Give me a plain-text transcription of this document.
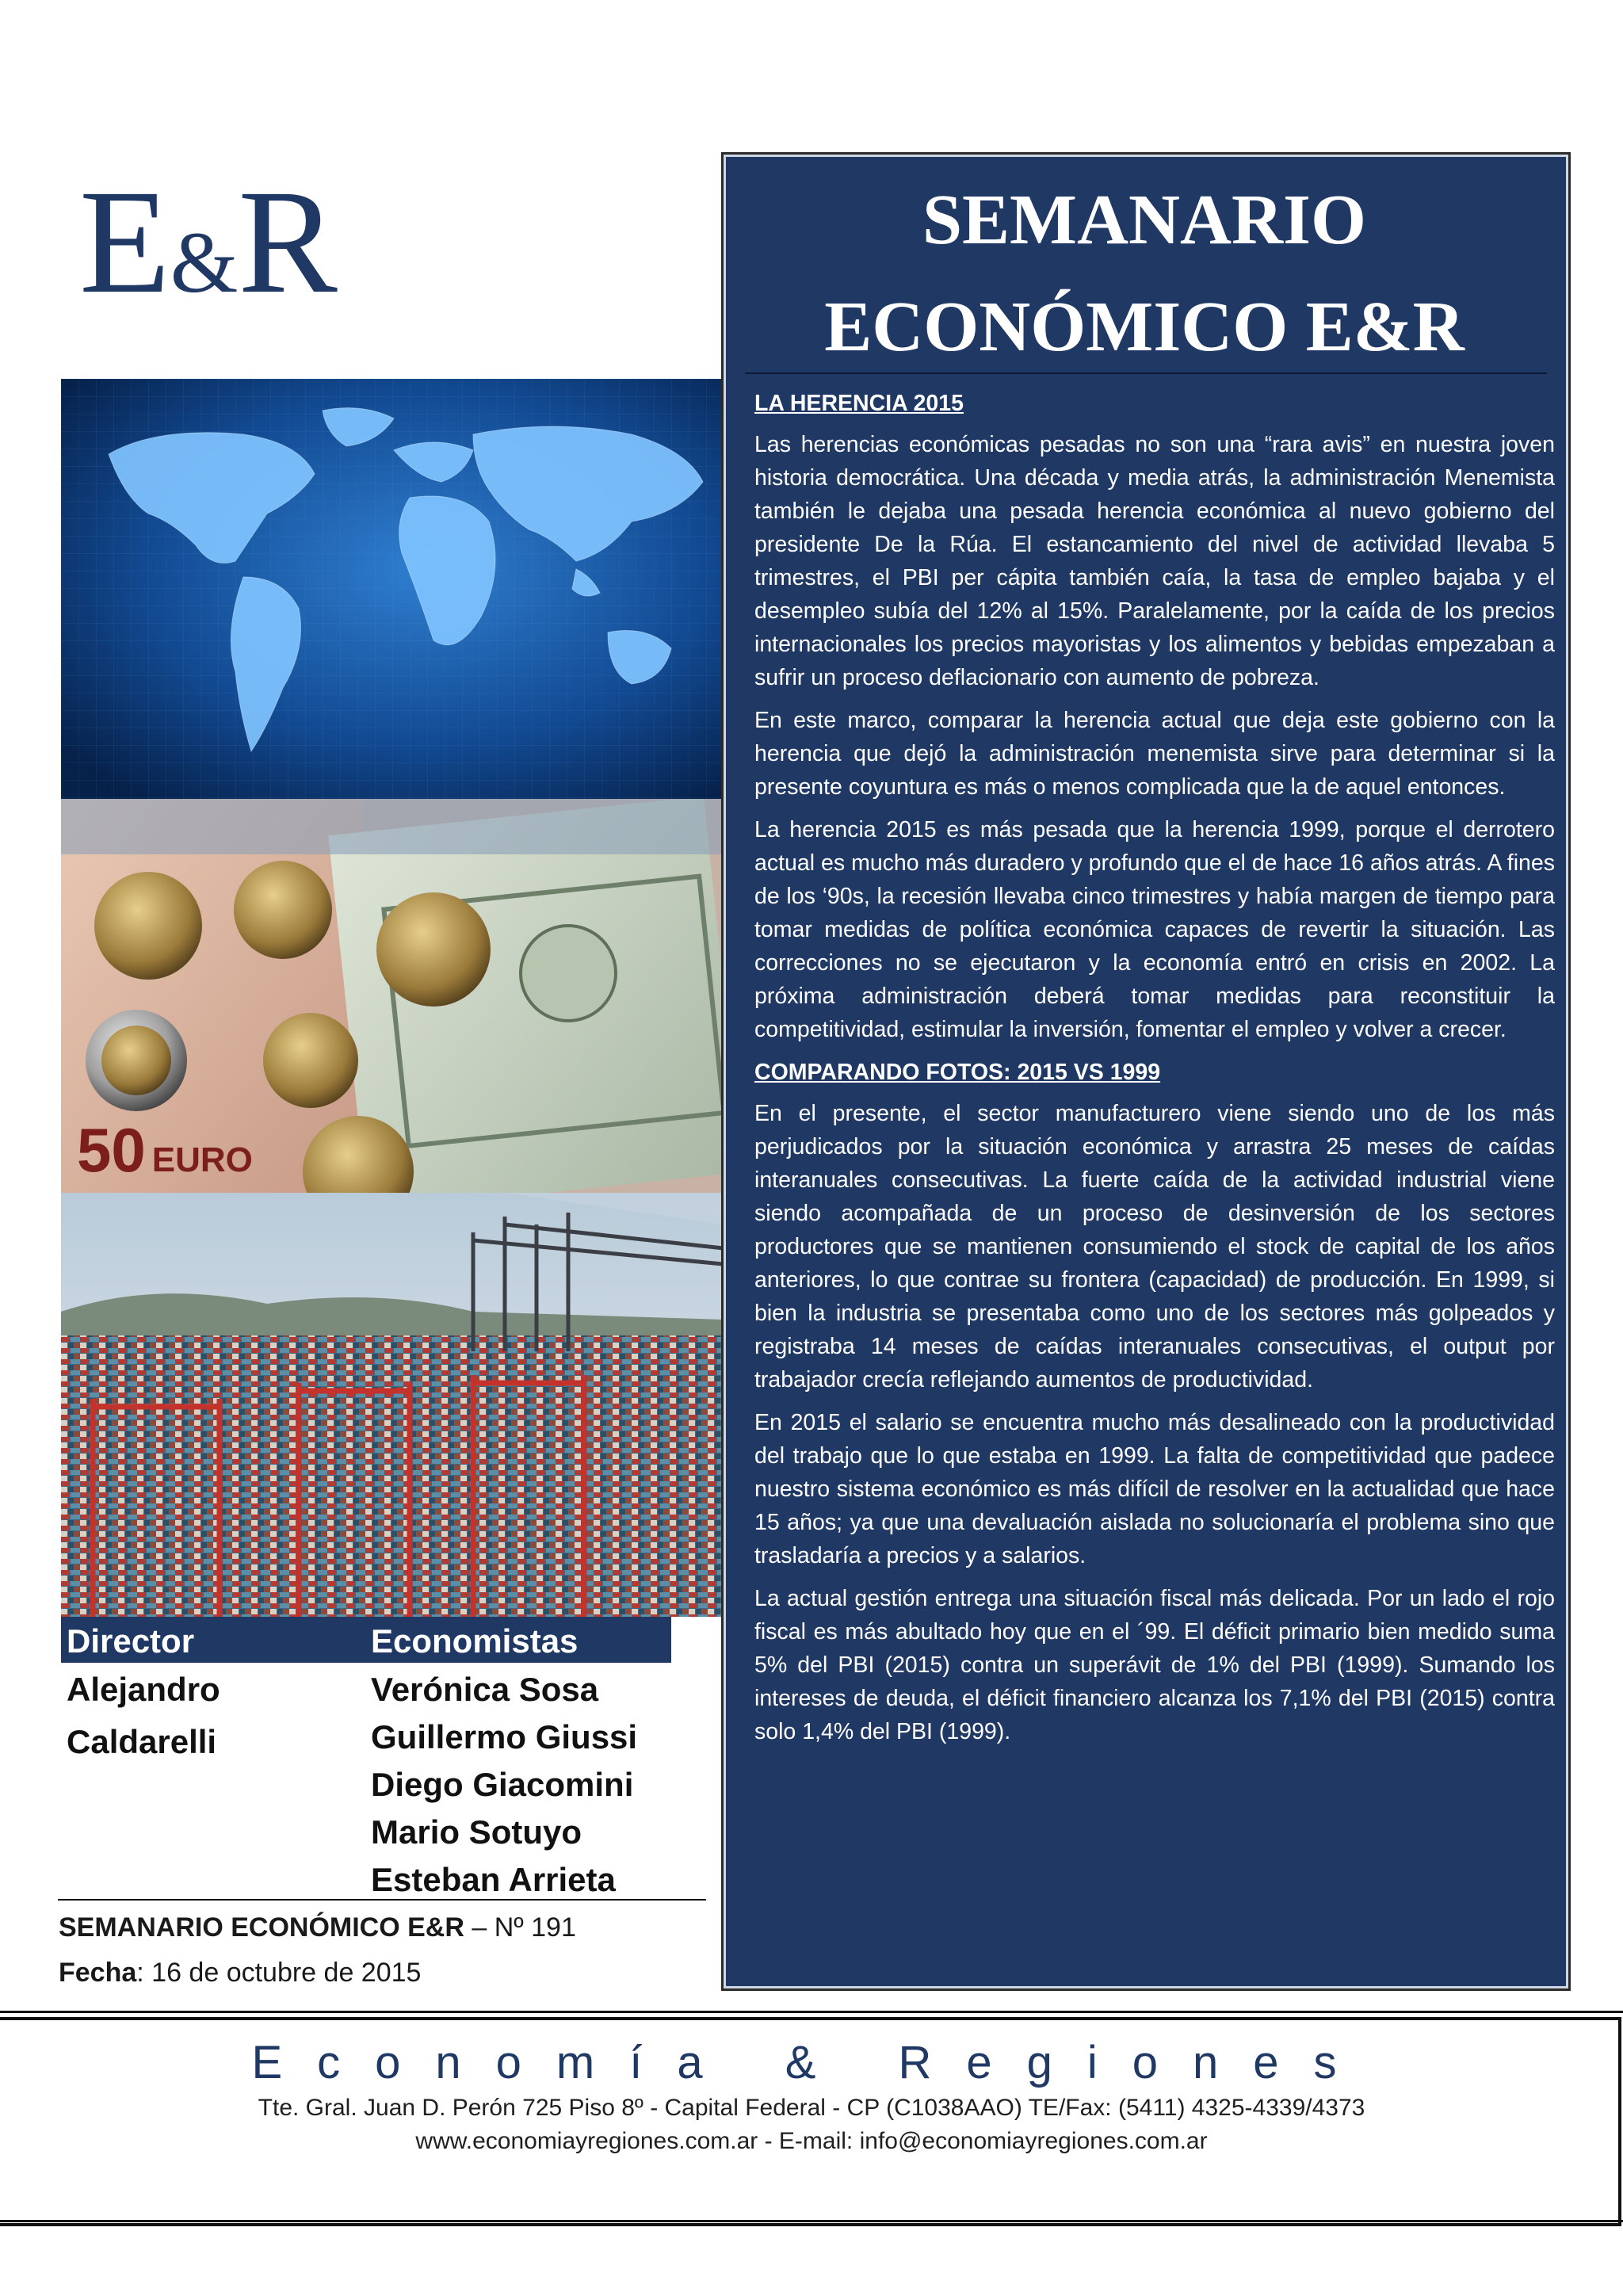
E&R
50 EURO
Director	Economistas
Alejandro
Caldarelli
Verónica Sosa
Guillermo Giussi
Diego Giacomini
Mario Sotuyo
Esteban Arrieta
SEMANARIO ECONÓMICO E&R – Nº 191
Fecha: 16 de octubre de 2015
SEMANARIO
ECONÓMICO E&R
LA HERENCIA 2015

Las herencias económicas pesadas no son una “rara avis” en nuestra joven historia democrática. Una década y media atrás, la administración Menemista también le dejaba una pesada herencia económica al nuevo gobierno del presidente De la Rúa. El estancamiento del nivel de actividad llevaba 5 trimestres, el PBI per cápita también caía, la tasa de empleo bajaba y el desempleo subía del 12% al 15%. Paralelamente, por la caída de los precios internacionales los precios mayoristas y los alimentos y bebidas empezaban a sufrir un proceso deflacionario con aumento de pobreza.

En este marco, comparar la herencia actual que deja este gobierno con la herencia que dejó la administración menemista sirve para determinar si la presente coyuntura es más o menos complicada que la de aquel entonces.

La herencia 2015 es más pesada que la herencia 1999, porque el derrotero actual es mucho más duradero y profundo que el de hace 16 años atrás. A fines de los ‘90s, la recesión llevaba cinco trimestres y había margen de tiempo para tomar medidas de política económica capaces de revertir la situación. Las correcciones no se ejecutaron y la economía entró en crisis en 2002. La próxima administración deberá tomar medidas para reconstituir la competitividad, estimular la inversión, fomentar el empleo y volver a crecer.

COMPARANDO FOTOS: 2015 VS 1999

En el presente, el sector manufacturero viene siendo uno de los más perjudicados por la situación económica y arrastra 25 meses de caídas interanuales consecutivas. La fuerte caída de la actividad industrial viene siendo acompañada de un proceso de desinversión de los sectores productores que se mantienen consumiendo el stock de capital de los años anteriores, lo que contrae su frontera (capacidad) de producción. En 1999, si bien la industria se presentaba como uno de los sectores más golpeados y registraba 14 meses de caídas interanuales consecutivas, el output por trabajador crecía reflejando aumentos de productividad.

En 2015 el salario se encuentra mucho más desalineado con la productividad del trabajo que lo que estaba en 1999. La falta de competitividad que padece nuestro sistema económico es más difícil de resolver en la actualidad que hace 15 años; ya que una devaluación aislada no solucionaría el problema sino que trasladaría a precios y a salarios.

La actual gestión entrega una situación fiscal más delicada. Por un lado el rojo fiscal es más abultado hoy que en el ´99. El déficit primario bien medido suma 5% del PBI (2015) contra un superávit de 1% del PBI (1999). Sumando los intereses de deuda, el déficit financiero alcanza los 7,1% del PBI (2015) contra solo 1,4% del PBI (1999).

Economía & Regiones
Tte. Gral. Juan D. Perón 725 Piso 8º - Capital Federal - CP (C1038AAO) TE/Fax: (5411) 4325-4339/4373
www.economiayregiones.com.ar - E-mail: info@economiayregiones.com.ar
